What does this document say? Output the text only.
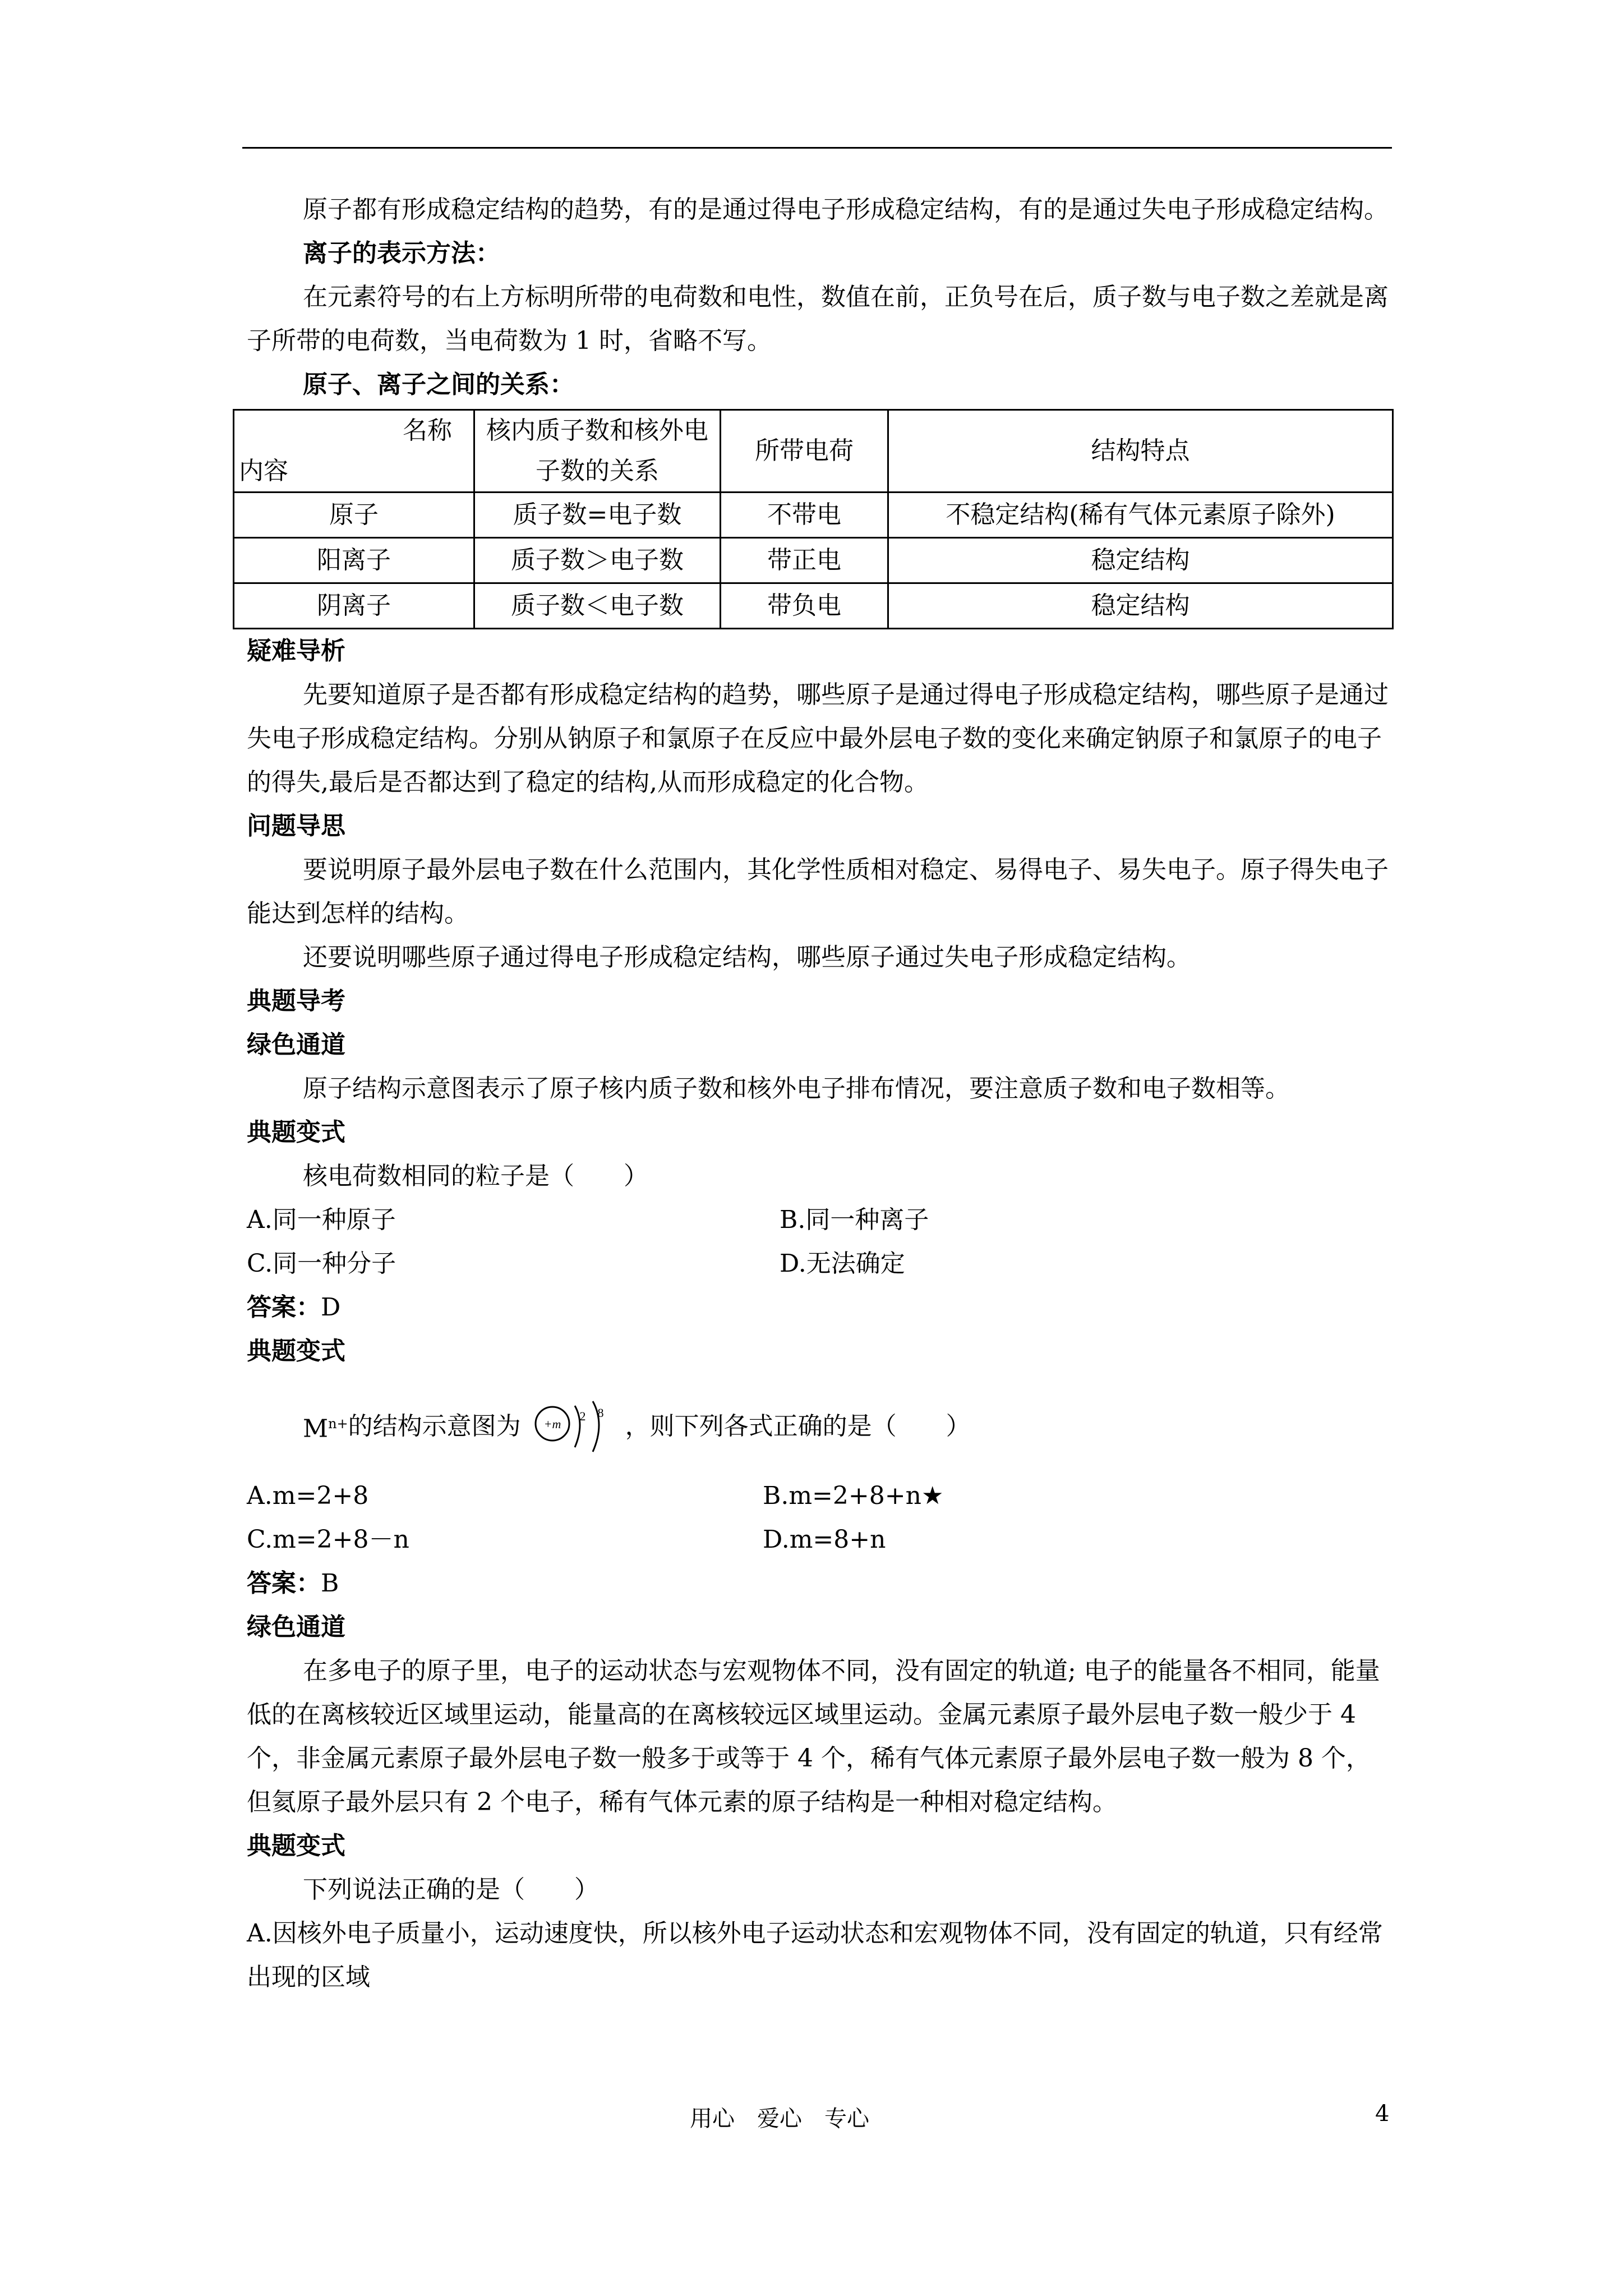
原子都有形成稳定结构的趋势，有的是通过得电子形成稳定结构，有的是通过失电子形成稳定结构。

离子的表示方法：

在元素符号的右上方标明所带的电荷数和电性，数值在前，正负号在后，质子数与电子数之差就是离子所带的电荷数，当电荷数为 1 时，省略不写。

原子、离子之间的关系：

名称
内容	核内质子数和核外电子数的关系	所带电荷	结构特点
原子	质子数=电子数	不带电	不稳定结构(稀有气体元素原子除外)
阳离子	质子数＞电子数	带正电	稳定结构
阴离子	质子数＜电子数	带负电	稳定结构

疑难导析

先要知道原子是否都有形成稳定结构的趋势，哪些原子是通过得电子形成稳定结构，哪些原子是通过失电子形成稳定结构。分别从钠原子和氯原子在反应中最外层电子数的变化来确定钠原子和氯原子的电子的得失,最后是否都达到了稳定的结构,从而形成稳定的化合物。

问题导思

要说明原子最外层电子数在什么范围内，其化学性质相对稳定、易得电子、易失电子。原子得失电子能达到怎样的结构。

还要说明哪些原子通过得电子形成稳定结构，哪些原子通过失电子形成稳定结构。

典题导考

绿色通道

原子结构示意图表示了原子核内质子数和核外电子排布情况，要注意质子数和电子数相等。

典题变式

核电荷数相同的粒子是（　　）

A.同一种原子	B.同一种离子
C.同一种分子	D.无法确定

答案：D

典题变式

$M^{n+}$ 的结构示意图为 +m
2 8 ，则下列各式正确的是（　　）
A.m=2+8	B.m=2+8+n★
C.m=2+8－n	D.m=8+n

答案：B

绿色通道

在多电子的原子里，电子的运动状态与宏观物体不同，没有固定的轨道; 电子的能量各不相同，能量低的在离核较近区域里运动，能量高的在离核较远区域里运动。金属元素原子最外层电子数一般少于 4 个，非金属元素原子最外层电子数一般多于或等于 4 个，稀有气体元素原子最外层电子数一般为 8 个，但氦原子最外层只有 2 个电子，稀有气体元素的原子结构是一种相对稳定结构。

典题变式

下列说法正确的是（　　）

A.因核外电子质量小，运动速度快，所以核外电子运动状态和宏观物体不同，没有固定的轨道，只有经常出现的区域

用心　爱心　专心	4
